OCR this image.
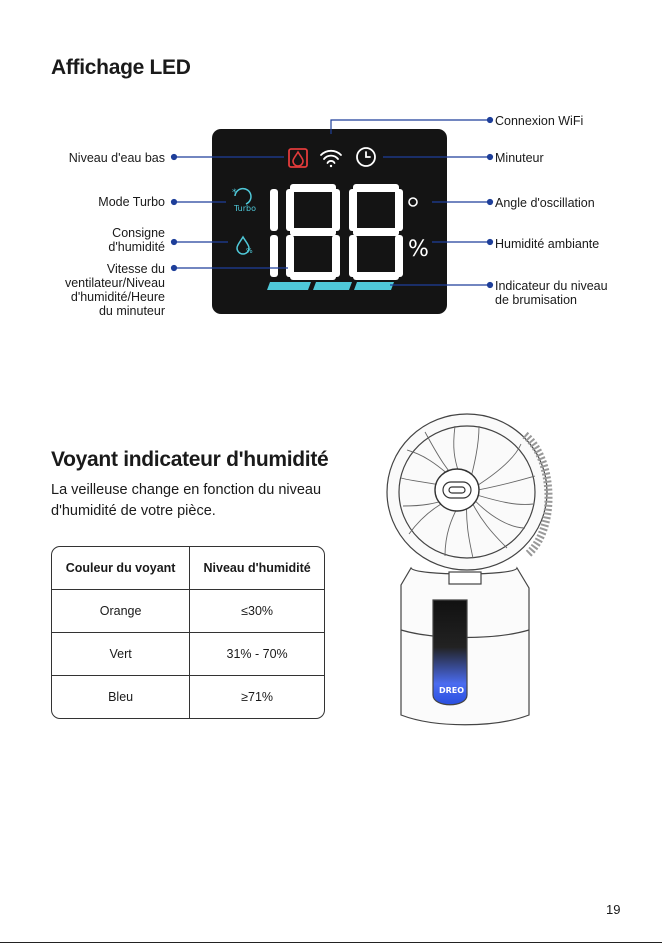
Affichage LED
*
Turbo
%	%
Connexion WiFi
Niveau d'eau bas	Minuteur
Mode Turbo	Angle d'oscillation
Consigne
d'humidité	Humidité ambiante
Vitesse du
ventilateur/Niveau
d'humidité/Heure
du minuteur
Indicateur du niveau
de brumisation
Voyant indicateur d'humidité
La veilleuse change en fonction du niveau d'humidité de votre pièce.
Couleur du voyant	Niveau d'humidité
Orange	≤30%
Vert	31% - 70%
Bleu	≥71%	DREO
19
